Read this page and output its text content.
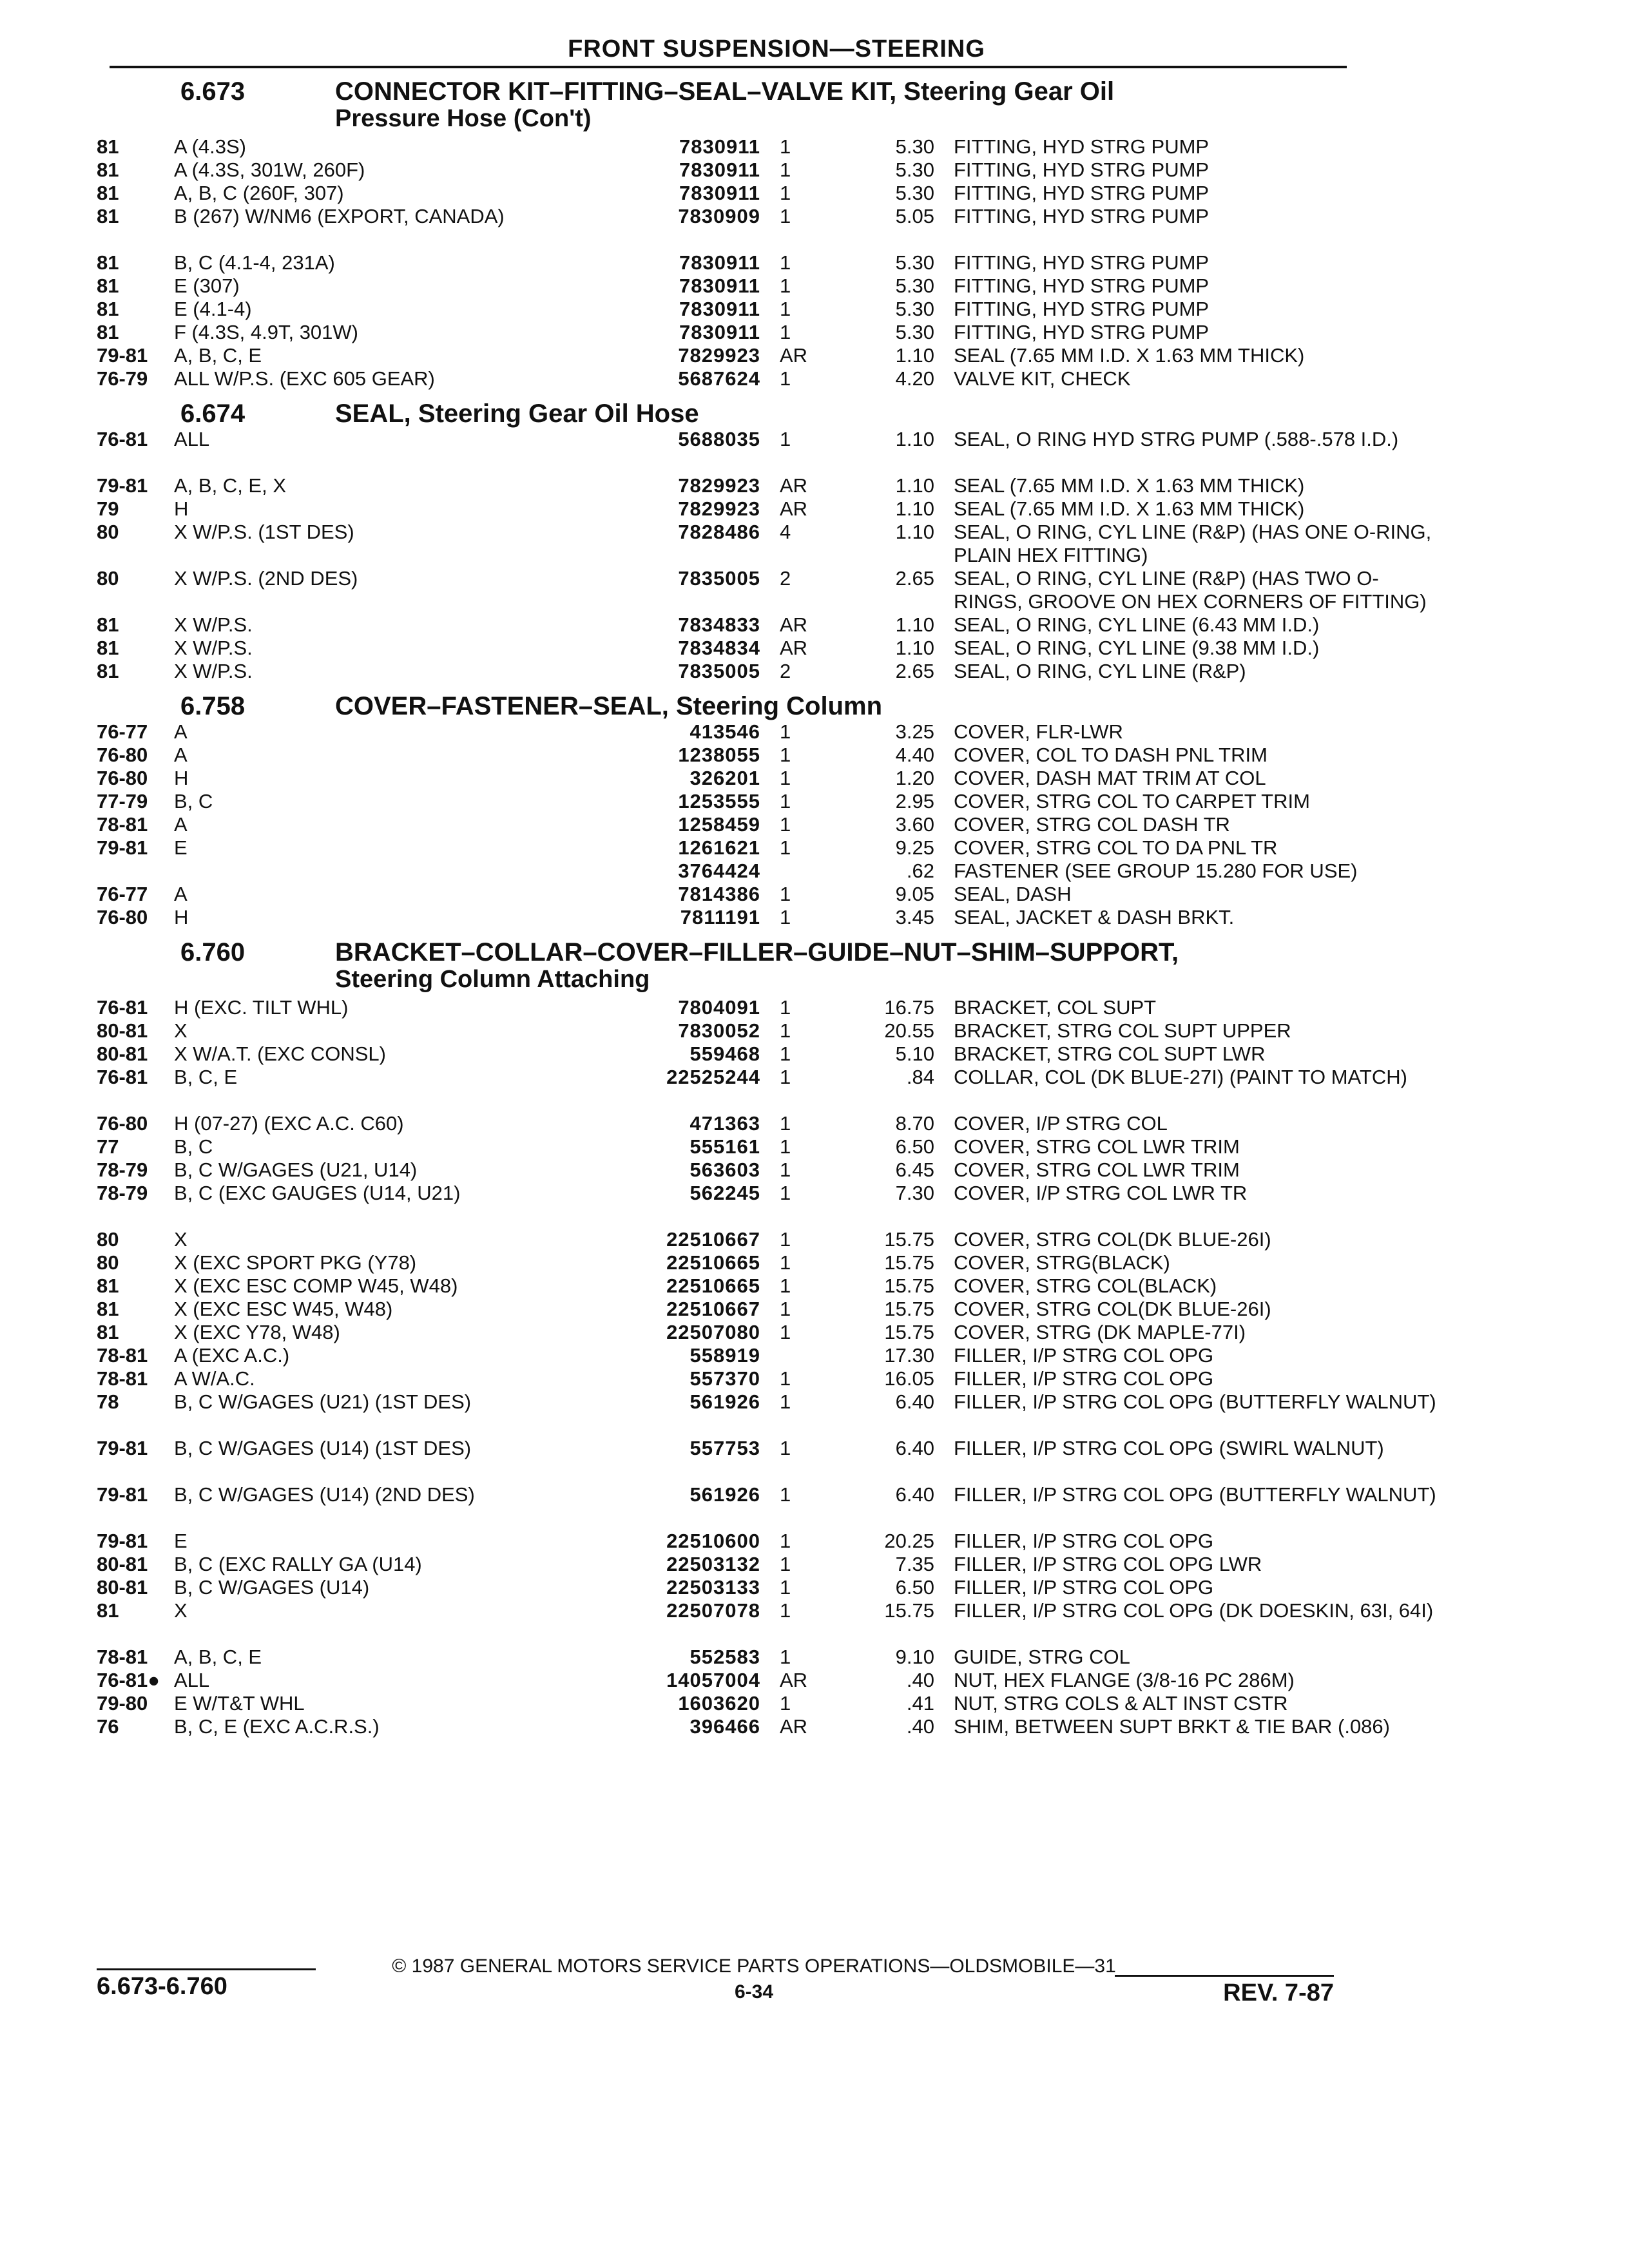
FRONT SUSPENSION—STEERING
6.673	CONNECTOR KIT–FITTING–SEAL–VALVE KIT, Steering Gear Oil
Pressure Hose (Con't)
81	A (4.3S)	7830911 1	5.30 FITTING, HYD STRG PUMP
81	A (4.3S, 301W, 260F)	7830911 1	5.30 FITTING, HYD STRG PUMP
81	A, B, C (260F, 307)	7830911 1	5.30 FITTING, HYD STRG PUMP
81	B (267) W/NM6 (EXPORT, CANADA)	7830909 1	5.05 FITTING, HYD STRG PUMP
81	B, C (4.1-4, 231A)	7830911 1	5.30 FITTING, HYD STRG PUMP
81	E (307)	7830911 1	5.30 FITTING, HYD STRG PUMP
81	E (4.1-4)	7830911 1	5.30 FITTING, HYD STRG PUMP
81	F (4.3S, 4.9T, 301W)	7830911 1	5.30 FITTING, HYD STRG PUMP
79-81	A, B, C, E	7829923 AR	1.10 SEAL (7.65 MM I.D. X 1.63 MM THICK)
76-79	ALL W/P.S. (EXC 605 GEAR)	5687624 1	4.20 VALVE KIT, CHECK
6.674	SEAL, Steering Gear Oil Hose
76-81	ALL	5688035 1	1.10 SEAL, O RING HYD STRG PUMP (.588-.578 I.D.)
79-81	A, B, C, E, X	7829923 AR	1.10 SEAL (7.65 MM I.D. X 1.63 MM THICK)
79	H	7829923 AR	1.10 SEAL (7.65 MM I.D. X 1.63 MM THICK)
80	X W/P.S. (1ST DES)	7828486 4	1.10 SEAL, O RING, CYL LINE (R&P) (HAS ONE O-RING, PLAIN HEX FITTING)
80	X W/P.S. (2ND DES)	7835005 2	2.65 SEAL, O RING, CYL LINE (R&P) (HAS TWO O-RINGS, GROOVE ON HEX CORNERS OF FITTING)
81	X W/P.S.	7834833 AR	1.10 SEAL, O RING, CYL LINE (6.43 MM I.D.)
81	X W/P.S.	7834834 AR	1.10 SEAL, O RING, CYL LINE (9.38 MM I.D.)
81	X W/P.S.	7835005 2	2.65 SEAL, O RING, CYL LINE (R&P)
6.758	COVER–FASTENER–SEAL, Steering Column
76-77	A	413546 1	3.25 COVER, FLR-LWR
76-80	A	1238055 1	4.40 COVER, COL TO DASH PNL TRIM
76-80	H	326201 1	1.20 COVER, DASH MAT TRIM AT COL
77-79	B, C	1253555 1	2.95 COVER, STRG COL TO CARPET TRIM
78-81	A	1258459 1	3.60 COVER, STRG COL DASH TR
79-81	E	1261621 1	9.25 COVER, STRG COL TO DA PNL TR
3764424	.62 FASTENER (SEE GROUP 15.280 FOR USE)
76-77	A	7814386 1	9.05 SEAL, DASH
76-80	H	7811191 1	3.45 SEAL, JACKET & DASH BRKT.
6.760	BRACKET–COLLAR–COVER–FILLER–GUIDE–NUT–SHIM–SUPPORT,
Steering Column Attaching
76-81	H (EXC. TILT WHL)	7804091 1	16.75 BRACKET, COL SUPT
80-81	X	7830052 1	20.55 BRACKET, STRG COL SUPT UPPER
80-81	X W/A.T. (EXC CONSL)	559468 1	5.10 BRACKET, STRG COL SUPT LWR
76-81	B, C, E	22525244 1	.84 COLLAR, COL (DK BLUE-27I) (PAINT TO MATCH)
76-80	H (07-27) (EXC A.C. C60)	471363 1	8.70 COVER, I/P STRG COL
77	B, C	555161 1	6.50 COVER, STRG COL LWR TRIM
78-79	B, C W/GAGES (U21, U14)	563603 1	6.45 COVER, STRG COL LWR TRIM
78-79	B, C (EXC GAUGES (U14, U21)	562245 1	7.30 COVER, I/P STRG COL LWR TR
80	X	22510667 1	15.75 COVER, STRG COL(DK BLUE-26I)
80	X (EXC SPORT PKG (Y78)	22510665 1	15.75 COVER, STRG(BLACK)
81	X (EXC ESC COMP W45, W48)	22510665 1	15.75 COVER, STRG COL(BLACK)
81	X (EXC ESC W45, W48)	22510667 1	15.75 COVER, STRG COL(DK BLUE-26I)
81	X (EXC Y78, W48)	22507080 1	15.75 COVER, STRG (DK MAPLE-77I)
78-81	A (EXC A.C.)	558919	17.30 FILLER, I/P STRG COL OPG
78-81	A W/A.C.	557370 1	16.05 FILLER, I/P STRG COL OPG
78	B, C W/GAGES (U21) (1ST DES)	561926 1	6.40 FILLER, I/P STRG COL OPG (BUTTERFLY WALNUT)
79-81	B, C W/GAGES (U14) (1ST DES)	557753 1	6.40 FILLER, I/P STRG COL OPG (SWIRL WALNUT)
79-81	B, C W/GAGES (U14) (2ND DES)	561926 1	6.40 FILLER, I/P STRG COL OPG (BUTTERFLY WALNUT)
79-81	E	22510600 1	20.25 FILLER, I/P STRG COL OPG
80-81	B, C (EXC RALLY GA (U14)	22503132 1	7.35 FILLER, I/P STRG COL OPG LWR
80-81	B, C W/GAGES (U14)	22503133 1	6.50 FILLER, I/P STRG COL OPG
81	X	22507078 1	15.75 FILLER, I/P STRG COL OPG (DK DOESKIN, 63I, 64I)
78-81	A, B, C, E	552583 1	9.10 GUIDE, STRG COL
76-81● ALL	14057004 AR	.40 NUT, HEX FLANGE (3/8-16 PC 286M)
79-80	E W/T&T WHL	1603620 1	.41 NUT, STRG COLS & ALT INST CSTR
76	B, C, E (EXC A.C.R.S.)	396466 AR	.40 SHIM, BETWEEN SUPT BRKT & TIE BAR (.086)
6.673-6.760
© 1987 GENERAL MOTORS SERVICE PARTS OPERATIONS—OLDSMOBILE—31
6-34	REV. 7-87
